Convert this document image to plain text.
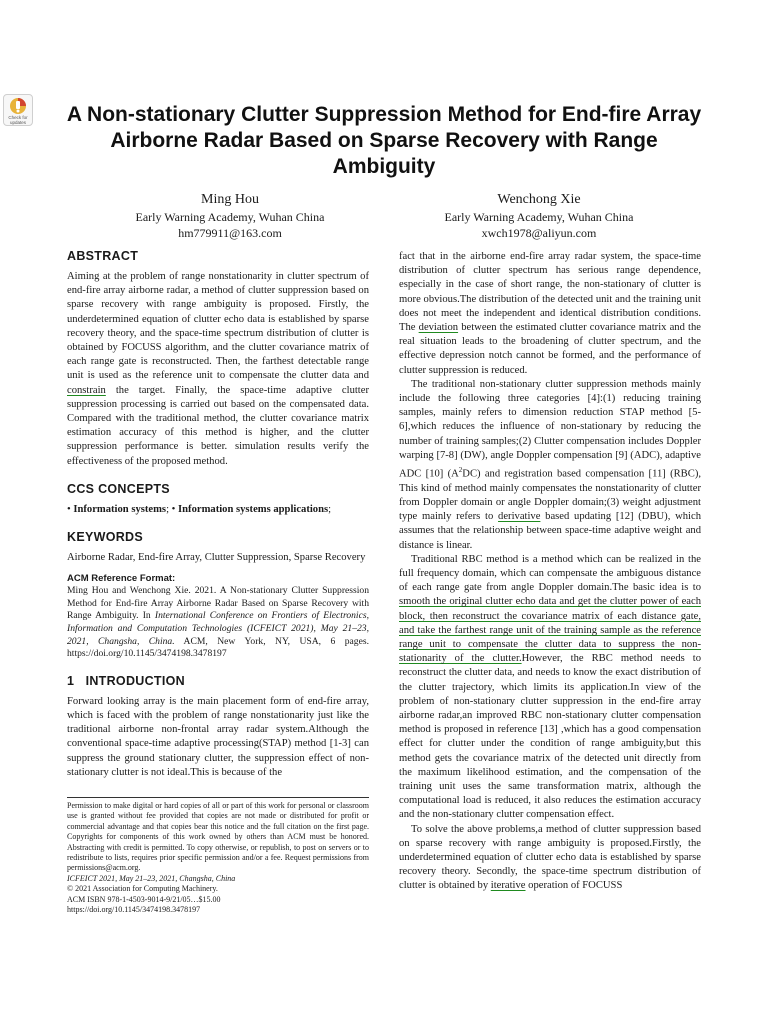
Check for updates	A Non-stationary Clutter Suppression Method for End-fire Array Airborne Radar Based on Sparse Recovery with Range Ambiguity
Ming Hou
Early Warning Academy, Wuhan China
hm779911@163.com
Wenchong Xie
Early Warning Academy, Wuhan China
xwch1978@aliyun.com
ABSTRACT

Aiming at the problem of range nonstationarity in clutter spectrum of end-fire array airborne radar, a method of clutter suppression based on sparse recovery with range ambiguity is proposed. Firstly, the underdetermined equation of clutter echo data is established by sparse recovery theory, and the space-time spectrum distribution of clutter is obtained by FOCUSS algorithm, and the clutter covariance matrix of each range gate is reconstructed. Then, the farthest detectable range unit is used as the reference unit to compensate the clutter data and constrain the target. Finally, the space-time adaptive clutter suppression processing is carried out based on the compensated data. Compared with the traditional method, the clutter covariance matrix estimation accuracy of this method is higher, and the clutter suppression performance is better. simulation results verify the effectiveness of the proposed method.

CCS CONCEPTS

• Information systems; • Information systems applications;

KEYWORDS

Airborne Radar, End-fire Array, Clutter Suppression, Sparse Recovery

ACM Reference Format:
Ming Hou and Wenchong Xie. 2021. A Non-stationary Clutter Suppression Method for End-fire Array Airborne Radar Based on Sparse Recovery with Range Ambiguity. In International Conference on Frontiers of Electronics, Information and Computation Technologies (ICFEICT 2021), May 21–23, 2021, Changsha, China. ACM, New York, NY, USA, 6 pages. https://doi.org/10.1145/3474198.3478197
1   INTRODUCTION

Forward looking array is the main placement form of end-fire array, which is faced with the problem of range nonstationarity just like the traditional airborne non-frontal array radar system.Although the conventional space-time adaptive processing(STAP) method [1-3] can suppress the ground stationary clutter, the suppression effect of non-stationary clutter is not ideal.This is because of the

Permission to make digital or hard copies of all or part of this work for personal or classroom use is granted without fee provided that copies are not made or distributed for profit or commercial advantage and that copies bear this notice and the full citation on the first page. Copyrights for components of this work owned by others than ACM must be honored. Abstracting with credit is permitted. To copy otherwise, or republish, to post on servers or to redistribute to lists, requires prior specific permission and/or a fee. Request permissions from permissions@acm.org.
ICFEICT 2021, May 21–23, 2021, Changsha, China
© 2021 Association for Computing Machinery.
ACM ISBN 978-1-4503-9014-9/21/05…$15.00
https://doi.org/10.1145/3474198.3478197

fact that in the airborne end-fire array radar system, the space-time distribution of clutter spectrum has serious range dependence, especially in the case of short range, the non-stationary of clutter is more obvious.The distribution of the detected unit and the training unit does not meet the independent and identical distribution conditions. The deviation between the estimated clutter covariance matrix and the real situation leads to the broadening of clutter spectrum, and the effective depression notch cannot be formed, and the performance of clutter suppression is reduced.

The traditional non-stationary clutter suppression methods mainly include the following three categories [4]:(1) reducing training samples, mainly refers to dimension reduction STAP method [5-6],which reduces the influence of non-stationary by reducing the number of training samples;(2) Clutter compensation includes Doppler warping [7-8] (DW), angle Doppler compensation [9] (ADC), adaptive ADC [10] $(A^2DC)$ and registration based compensation [11] (RBC), This kind of method mainly compensates the nonstationarity of clutter from Doppler domain or angle Doppler domain;(3) weight adjustment type mainly refers to derivative based updating [12] (DBU), which assumes that the relationship between space-time adaptive weight and distance is linear.

Traditional RBC method is a method which can be realized in the full frequency domain, which can compensate the ambiguous distance of each range gate from angle Doppler domain.The basic idea is to smooth the original clutter echo data and get the clutter power of each block, then reconstruct the covariance matrix of each distance gate, and take the farthest range unit of the training sample as the reference range unit to compensate the clutter data to suppress the non-stationarity of the clutter.However, the RBC method needs to reconstruct the clutter data, and needs to know the exact distribution of the clutter trajectory, which limits its application.In view of the problem of non-stationary clutter suppression in the end-fire array airborne radar,an improved RBC non-stationary clutter compensation method is proposed in reference [13] ,which has a good compensation effect for clutter under the condition of range ambiguity,but this method gets the covariance matrix of the detected unit directly from the maximum likelihood estimation, and the compensation of the training unit uses the same transformation matrix, although the computational load is reduced, it also reduces the estimation accuracy and the non-stationary clutter compensation effect.

To solve the above problems,a method of clutter suppression based on sparse recovery with range ambiguity is proposed.Firstly, the underdetermined equation of clutter echo data is established by sparse recovery theory. Secondly, the space-time spectrum distribution of clutter is obtained by iterative operation of FOCUSS
